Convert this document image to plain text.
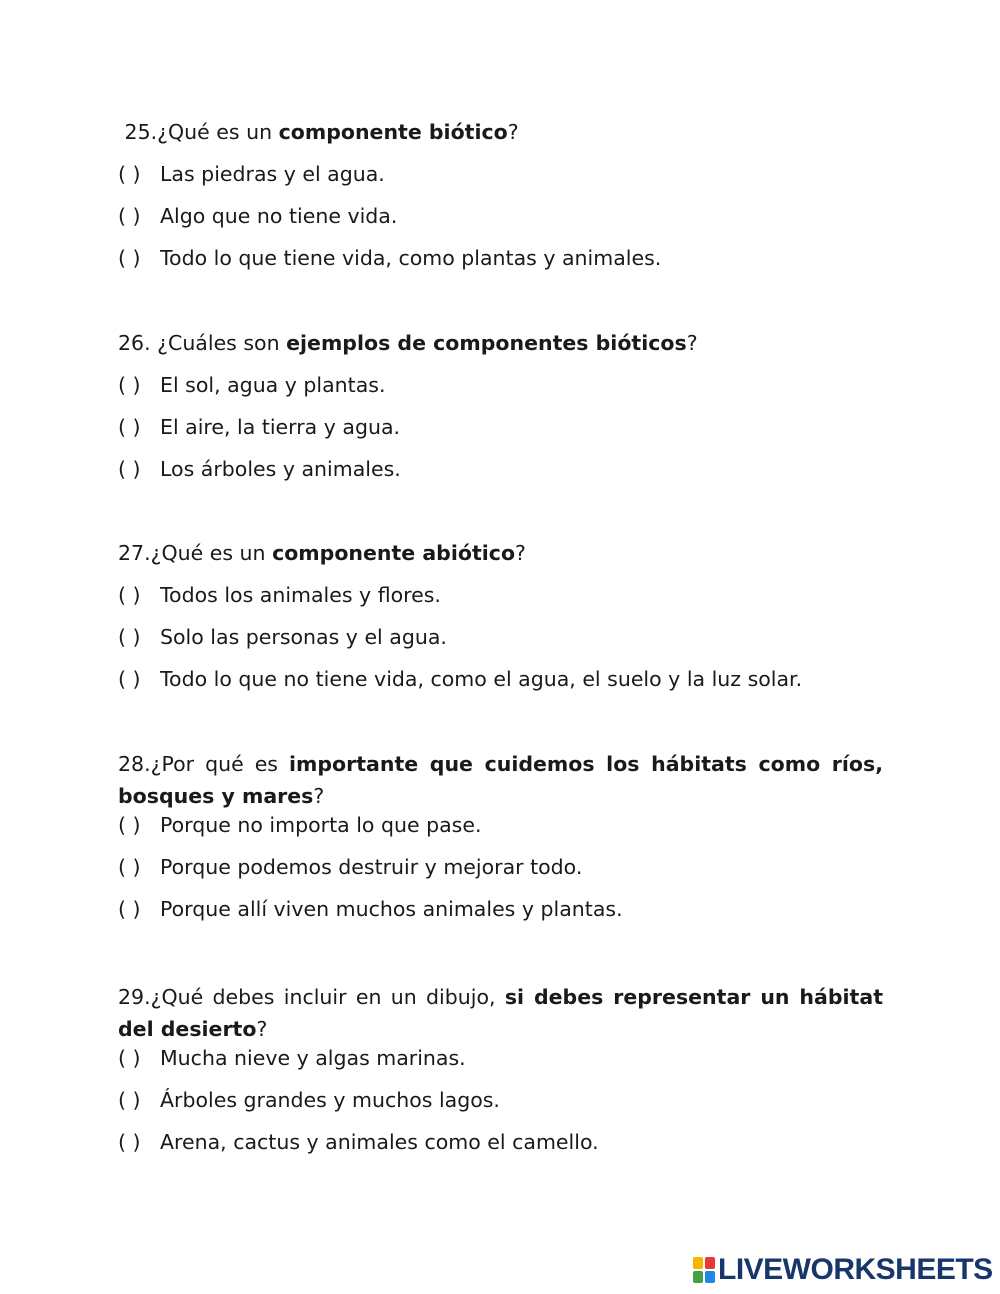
25.¿Qué es un componente biótico?

( ) Las piedras y el agua.
( ) Algo que no tiene vida.
( ) Todo lo que tiene vida, como plantas y animales.

26. ¿Cuáles son ejemplos de componentes bióticos?

( ) El sol, agua y plantas.
( ) El aire, la tierra y agua.
( ) Los árboles y animales.

27.¿Qué es un componente abiótico?

( ) Todos los animales y flores.
( ) Solo las personas y el agua.
( ) Todo lo que no tiene vida, como el agua, el suelo y la luz solar.

28.¿Por qué es importante que cuidemos los hábitats como ríos, bosques y mares?

( ) Porque no importa lo que pase.
( ) Porque podemos destruir y mejorar todo.
( ) Porque allí viven muchos animales y plantas.

29.¿Qué debes incluir en un dibujo, si debes representar un hábitat del desierto?

( ) Mucha nieve y algas marinas.
( ) Árboles grandes y muchos lagos.
( ) Arena, cactus y animales como el camello.
LIVEWORKSHEETS
